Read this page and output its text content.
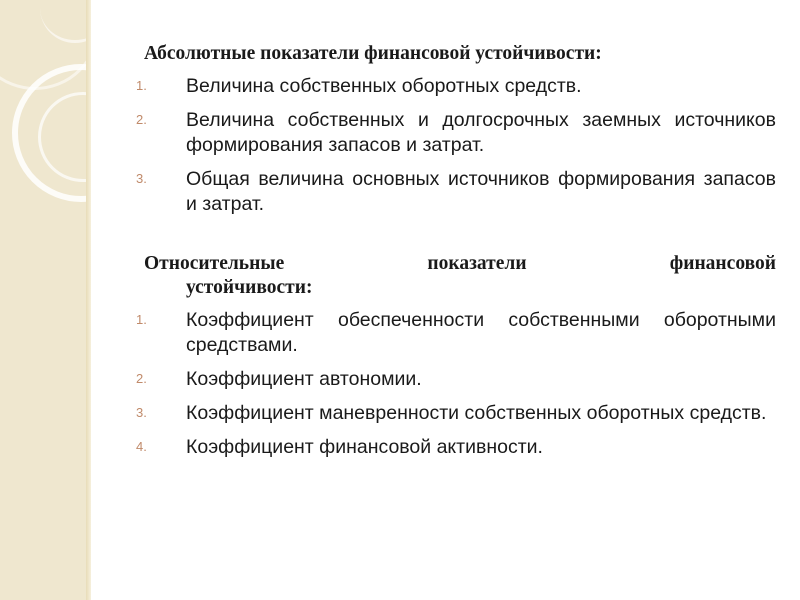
Абсолютные показатели финансовой устойчивости:
1.	Величина собственных оборотных средств.
2.	Величина собственных и долгосрочных заемных источников формирования запасов и затрат.
3.	Общая величина основных источников формирования запасов и затрат.
Относительные	показатели	финансовой
устойчивости:
1.	Коэффициент обеспеченности собственными оборотными средствами.
2.	Коэффициент автономии.
3.	Коэффициент маневренности собственных оборотных средств.
4.	Коэффициент финансовой активности.
